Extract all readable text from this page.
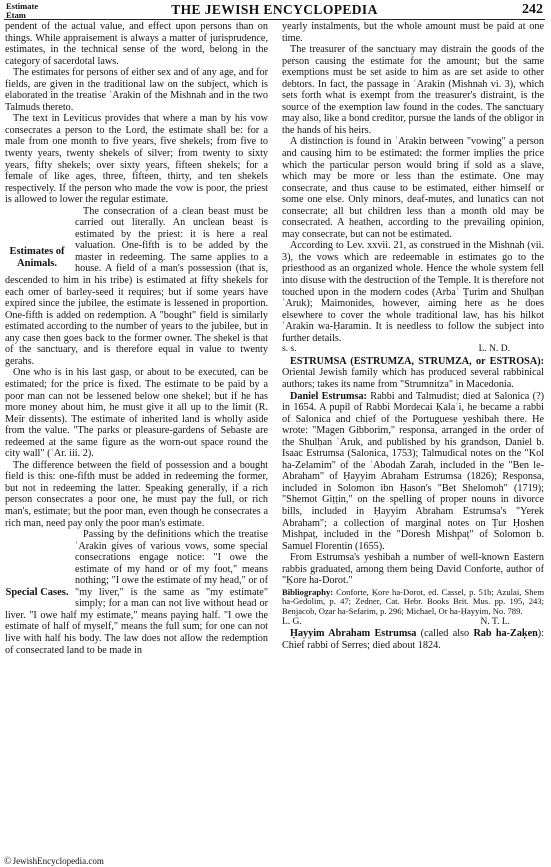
Estimate
Etam	THE JEWISH ENCYCLOPEDIA	242

pendent of the actual value, and effect upon persons than on things. While appraisement is always a matter of jurisprudence, estimates, in the technical sense of the word, belong in the category of sacerdotal laws.

The estimates for persons of either sex and of any age, and for fields, are given in the traditional law on the subject, which is elaborated in the treatise ʿArakin of the Mishnah and in the two Talmuds thereto.

The text in Leviticus provides that where a man by his vow consecrates a person to the Lord, the estimate shall be: for a male from one month to five years, five shekels; from five to twenty years, twenty shekels of silver; from twenty to sixty years, fifty shekels; over sixty years, fifteen shekels; for a female of like ages, three, fifteen, thirty, and ten shekels respectively. If the person who made the vow is poor, the priest is allowed to lower the regular estimate.

Estimates of Animals.

The consecration of a clean beast must be carried out literally. An unclean beast is estimated by the priest: it is here a real valuation. One-fifth is to be added by the master in redeeming. The same applies to a house. A field of a man's possession (that is, descended to him in his tribe) is estimated at fifty shekels for each omer of barley-seed it requires; but if some years have expired since the jubilee, the estimate is lessened in proportion. One-fifth is added on redemption. A "bought" field is similarly estimated according to the number of years to the jubilee, but in any case then goes back to the former owner. The shekel is that of the sanctuary, and is therefore equal in value to twenty gerahs.

One who is in his last gasp, or about to be executed, can be estimated; for the price is fixed. The estimate to be paid by a poor man can not be lessened below one shekel; but if he has more money about him, he must give it all up to the limit (R. Meïr dissents). The estimate of inherited land is wholly aside from the value. "The parks or pleasure-gardens of Sebaste are redeemed at the same figure as the worn-out space round the city wall" (ʿAr. iii. 2).

The difference between the field of possession and a bought field is this: one-fifth must be added in redeeming the former, but not in redeeming the latter. Speaking generally, if a rich person consecrates a poor one, he must pay the full, or rich man's, estimate; but the poor man, even though he consecrates a rich man, need pay only the poor man's estimate.

Special Cases.

Passing by the definitions which the treatise ʿArakin gives of various vows, some special consecrations engage notice: "I owe the estimate of my hand or of my foot," means nothing; "I owe the estimate of my head," or of "my liver," is the same as "my estimate" simply; for a man can not live without head or liver. "I owe half my estimate," means paying half. "I owe the estimate of half of myself," means the full sum; for one can not live with half his body. The law does not allow the redemption of consecrated land to be made in

yearly instalments, but the whole amount must be paid at one time.

The treasurer of the sanctuary may distrain the goods of the person causing the estimate for the amount; but the same exemptions must be set aside to him as are set aside to other debtors. In fact, the passage in ʿArakin (Mishnah vi. 3), which sets forth what is exempt from the treasurer's distraint, is the source of the exemption law found in the codes. The sanctuary may also, like a bond creditor, pursue the lands of the obligor in the hands of his heirs.

A distinction is found in ʿArakin between "vowing" a person and causing him to be estimated: the former implies the price which the particular person would bring if sold as a slave, which may be more or less than the estimate. One may consecrate, and thus cause to be estimated, either himself or some one else. Only minors, deaf-mutes, and lunatics can not consecrate; all but children less than a month old may be consecrated. A heathen, according to the prevailing opinion, may consecrate, but can not be estimated.

According to Lev. xxvii. 21, as construed in the Mishnah (vii. 3), the vows which are redeemable in estimates go to the priesthood as an organized whole. Hence the whole system fell into disuse with the destruction of the Temple. It is therefore not touched upon in the modern codes (Arbaʿ Ṭurim and Shulḥan ʿAruk); Maimonides, however, aiming here as he does elsewhere to cover the whole traditional law, has his hilkot ʿArakin wa-Ḥaramin. It is needless to follow the subject into further details.

s. s.	L. N. D.

ESTRUMSA (ESTRUMZA, STRUMZA, or ESTROSA): Oriental Jewish family which has produced several rabbinical authors; takes its name from "Strumnitza" in Macedonia.

Daniel Estrumsa: Rabbi and Talmudist; died at Salonica (?) in 1654. A pupil of Rabbi Mordecai Ḳalaʿi, he became a rabbi of Salonica and chief of the Portuguese yeshibah there. He wrote: "Magen Gibborim," responsa, arranged in the order of the Shulḥan ʿAruk, and published by his grandson, Daniel b. Isaac Estrumsa (Salonica, 1753); Talmudical notes on the "Kol ha-Zelamim" of the ʿAbodah Zarah, included in the "Ben le-Abraham" of Ḥayyim Abraham Estrumsa (1826); Responsa, included in Solomon ibn Ḥason's "Bet Shelomoh" (1719); "Shemot Giṭṭin," on the spelling of proper nouns in divorce bills, included in Ḥayyim Abraham Estrumsa's "Yerek Abraham"; a collection of marginal notes on Ṭur Ḥoshen Mishpaṭ, included in the "Doresh Mishpaṭ" of Solomon b. Samuel Florentin (1655).

From Estrumsa's yeshibah a number of well-known Eastern rabbis graduated, among them being David Conforte, author of "Ḳore ha-Dorot."

Bibliography: Conforte, Ḳore ha-Dorot, ed. Cassel, p. 51b; Azulai, Shem ha-Gedolim, p. 47; Zedner, Cat. Hebr. Books Brit. Mus. pp. 195, 243; Benjacob, Oẓar ha-Sefarim, p. 296; Michael, Or ha-Ḥayyim, No. 789.
L. G.	N. T. L.

Ḥayyim Abraham Estrumsa (called also Rab ha-Zaḳen): Chief rabbi of Serres; died about 1824.

©JewishEncyclopedia.com
